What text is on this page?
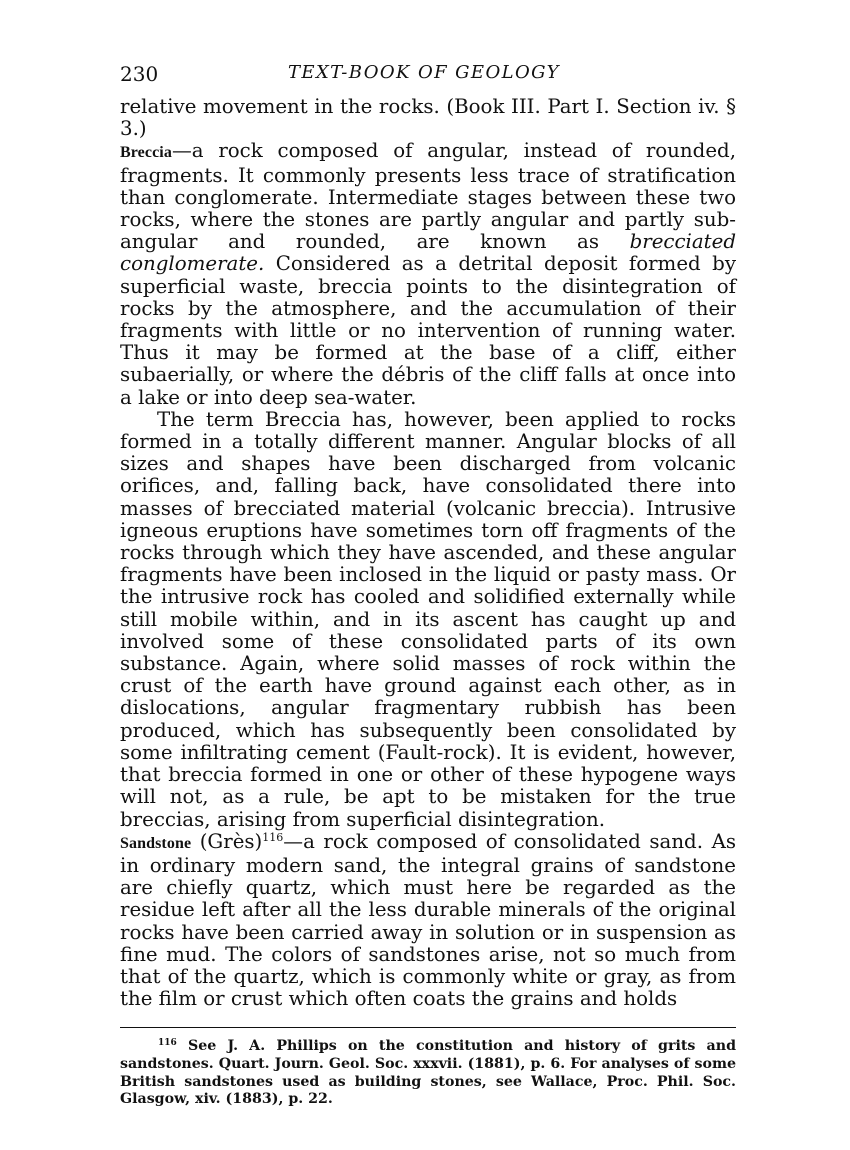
230	TEXT-BOOK OF GEOLOGY

relative movement in the rocks. (Book III. Part I. Section iv. § 3.)

Breccia—a rock composed of angular, instead of rounded, fragments. It commonly presents less trace of stratification than conglomerate. Intermediate stages between these two rocks, where the stones are partly angular and partly sub-angular and rounded, are known as brecciated conglomerate. Considered as a detrital deposit formed by superficial waste, breccia points to the disintegration of rocks by the atmosphere, and the accumulation of their fragments with little or no intervention of running water. Thus it may be formed at the base of a cliff, either subaerially, or where the débris of the cliff falls at once into a lake or into deep sea-water.

The term Breccia has, however, been applied to rocks formed in a totally different manner. Angular blocks of all sizes and shapes have been discharged from volcanic orifices, and, falling back, have consolidated there into masses of brecciated material (volcanic breccia). Intrusive igneous eruptions have sometimes torn off fragments of the rocks through which they have ascended, and these angular fragments have been inclosed in the liquid or pasty mass. Or the intrusive rock has cooled and solidified externally while still mobile within, and in its ascent has caught up and involved some of these consolidated parts of its own substance. Again, where solid masses of rock within the crust of the earth have ground against each other, as in dislocations, angular fragmentary rubbish has been produced, which has subsequently been consolidated by some infiltrating cement (Fault-rock). It is evident, however, that breccia formed in one or other of these hypogene ways will not, as a rule, be apt to be mistaken for the true breccias, arising from superficial disintegration.

Sandstone (Grès)$^{116}$—a rock composed of consolidated sand. As in ordinary modern sand, the integral grains of sandstone are chiefly quartz, which must here be regarded as the residue left after all the less durable minerals of the original rocks have been carried away in solution or in suspension as fine mud. The colors of sandstones arise, not so much from that of the quartz, which is commonly white or gray, as from the film or crust which often coats the grains and holds

$^{116}$ See J. A. Phillips on the constitution and history of grits and sandstones. Quart. Journ. Geol. Soc. xxxvii. (1881), p. 6. For analyses of some British sandstones used as building stones, see Wallace, Proc. Phil. Soc. Glasgow, xiv. (1883), p. 22.
